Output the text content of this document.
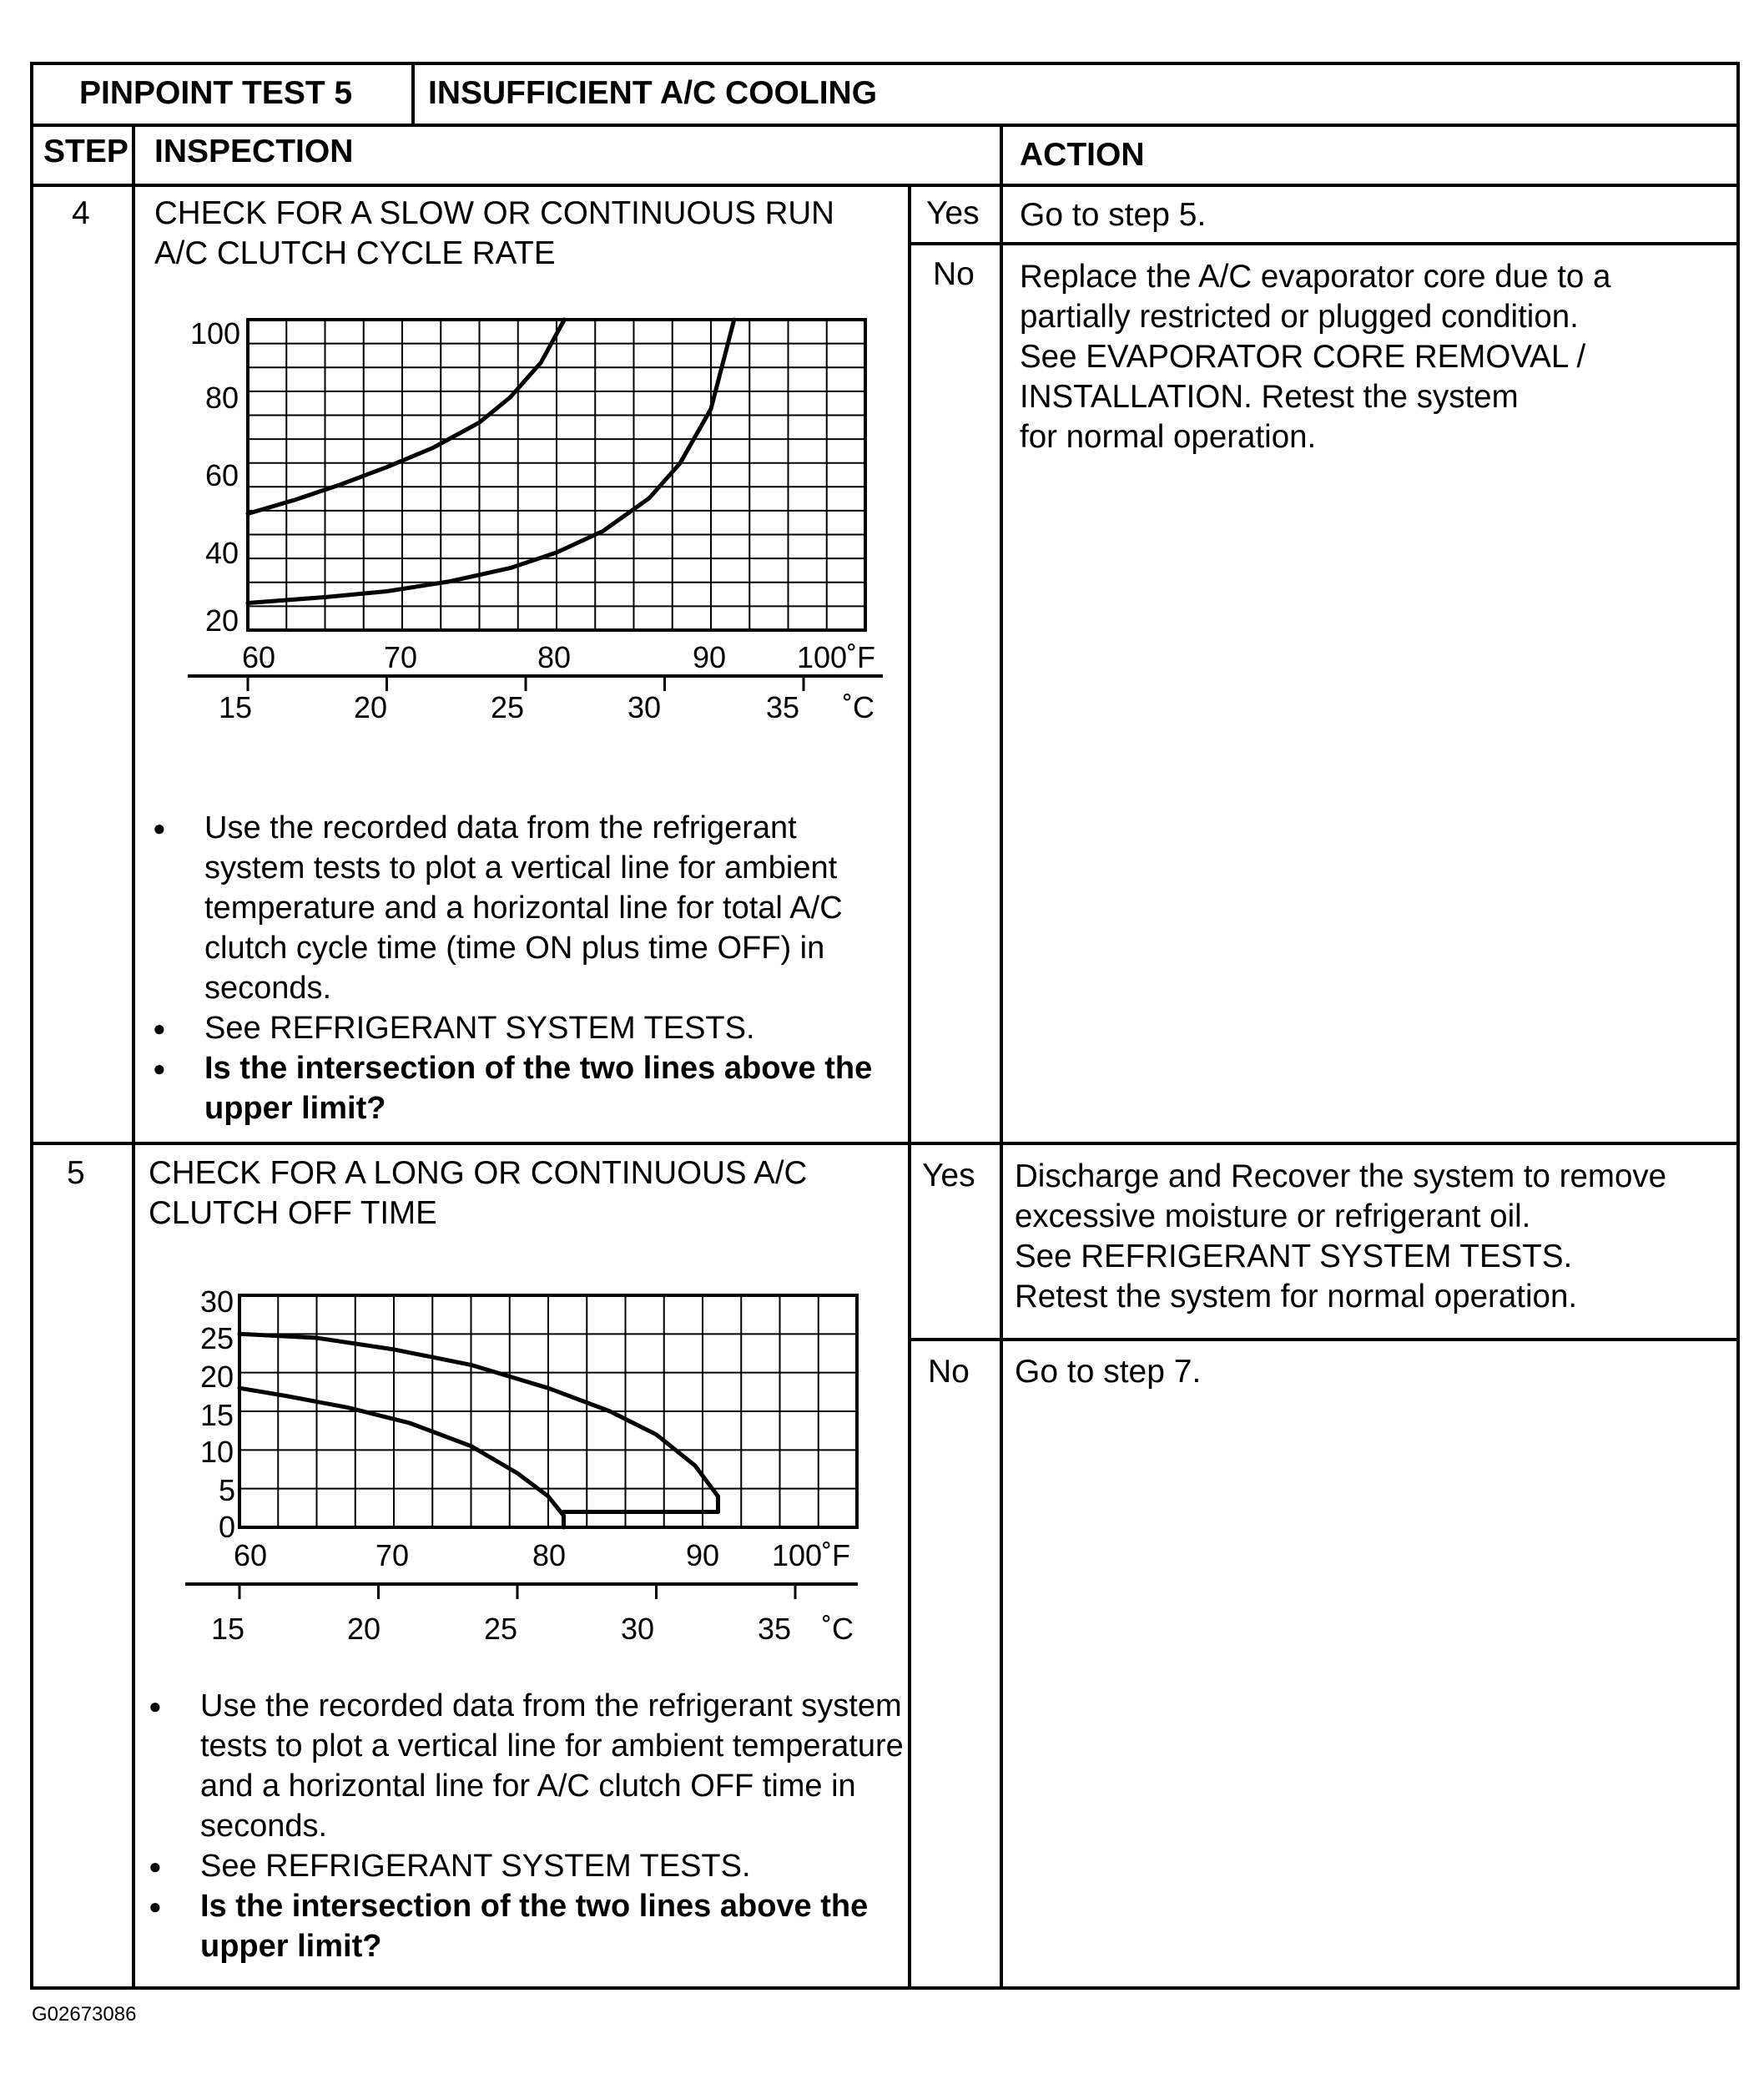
PINPOINT TEST 5 INSUFFICIENT A/C COOLING
STEP INSPECTION	ACTION
4 CHECK FOR A SLOW OR CONTINUOUS RUN

A/C CLUTCH CYCLE RATE

100
80
60
40
20
60	70	80	90 100˚F
15	20	25	30	35 ˚C
● Use the recorded data from the refrigerant system tests to plot a vertical line for ambient temperature and a horizontal line for total A/C clutch cycle time (time ON plus time OFF) in seconds.
● See REFRIGERANT SYSTEM TESTS.
● Is the intersection of the two lines above the upper limit?
Yes Go to step 5.
No Replace the A/C evaporator core due to a

partially restricted or plugged condition.

See EVAPORATOR CORE REMOVAL /

INSTALLATION. Retest the system

for normal operation.

5 CHECK FOR A LONG OR CONTINUOUS A/C

CLUTCH OFF TIME

30
25
20
15
10
5
0
60	70	80	90 100˚F
15	20	25	30	35 ˚C
● Use the recorded data from the refrigerant system tests to plot a vertical line for ambient temperature and a horizontal line for A/C clutch OFF time in seconds.
● See REFRIGERANT SYSTEM TESTS.
● Is the intersection of the two lines above the upper limit?
Yes Discharge and Recover the system to remove

excessive moisture or refrigerant oil.

See REFRIGERANT SYSTEM TESTS.

Retest the system for normal operation.

No Go to step 7.
G02673086
